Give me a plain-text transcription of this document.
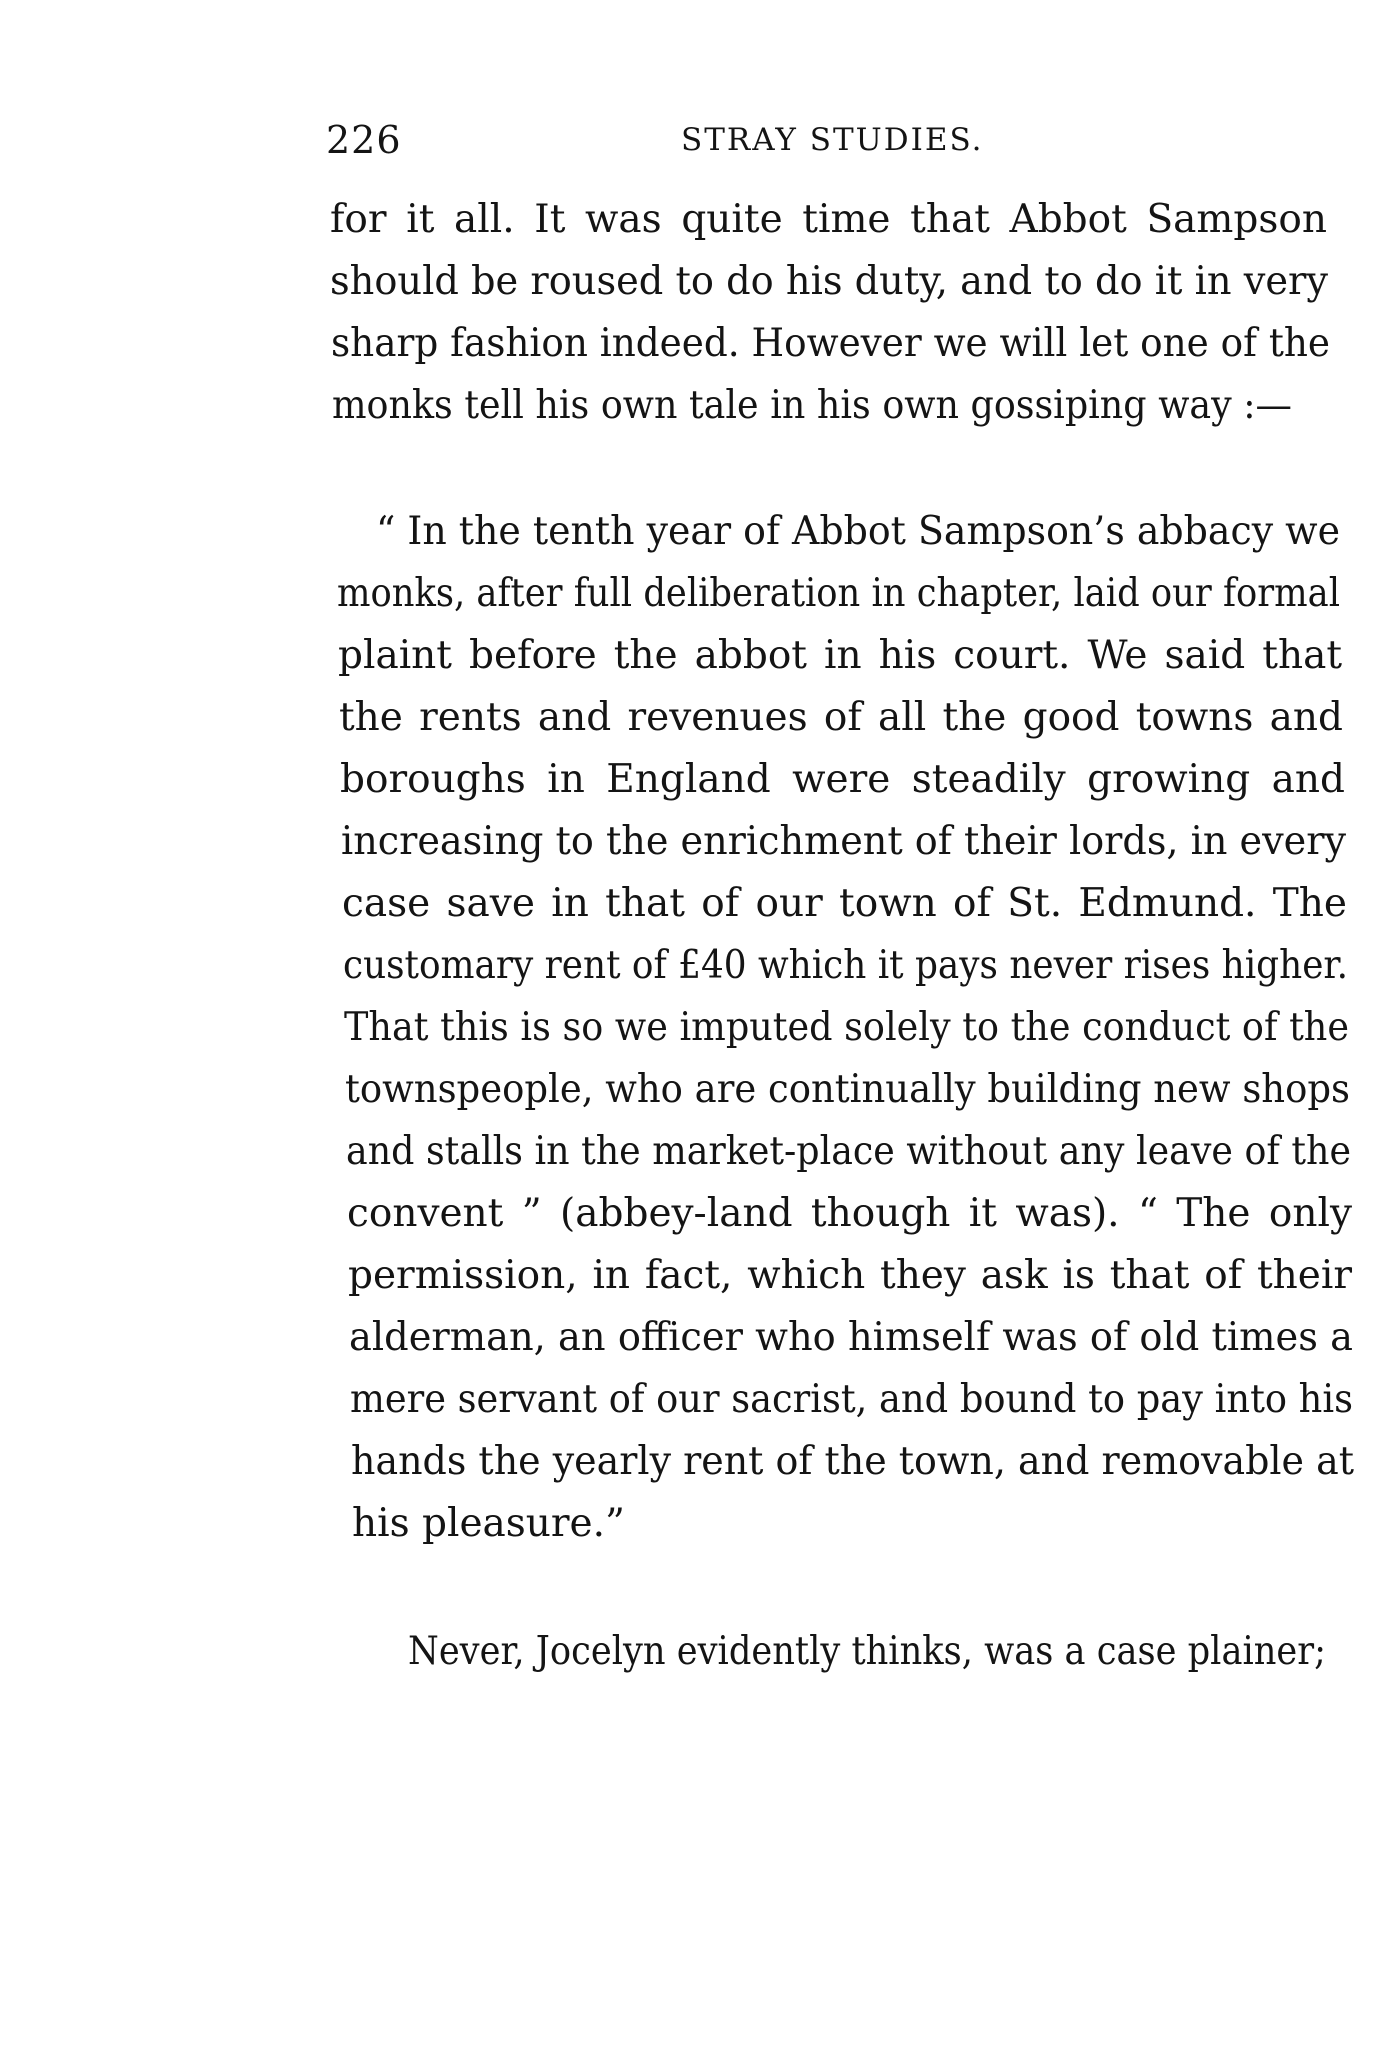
226	STRAY STUDIES.
for it all. It was quite time that Abbot Sampson
should be roused to do his duty, and to do it in very
sharp fashion indeed. However we will let one of the
monks tell his own tale in his own gossiping way :—
“ In the tenth year of Abbot Sampson’s abbacy we
monks, after full deliberation in chapter, laid our formal
plaint before the abbot in his court. We said that
the rents and revenues of all the good towns and
boroughs in England were steadily growing and
increasing to the enrichment of their lords, in every
case save in that of our town of St. Edmund. The
customary rent of £40 which it pays never rises higher.
That this is so we imputed solely to the conduct of the
townspeople, who are continually building new shops
and stalls in the market-place without any leave of the
convent ” (abbey-land though it was). “ The only
permission, in fact, which they ask is that of their
alderman, an officer who himself was of old times a
mere servant of our sacrist, and bound to pay into his
hands the yearly rent of the town, and removable at
his pleasure.”
Never, Jocelyn evidently thinks, was a case plainer;
